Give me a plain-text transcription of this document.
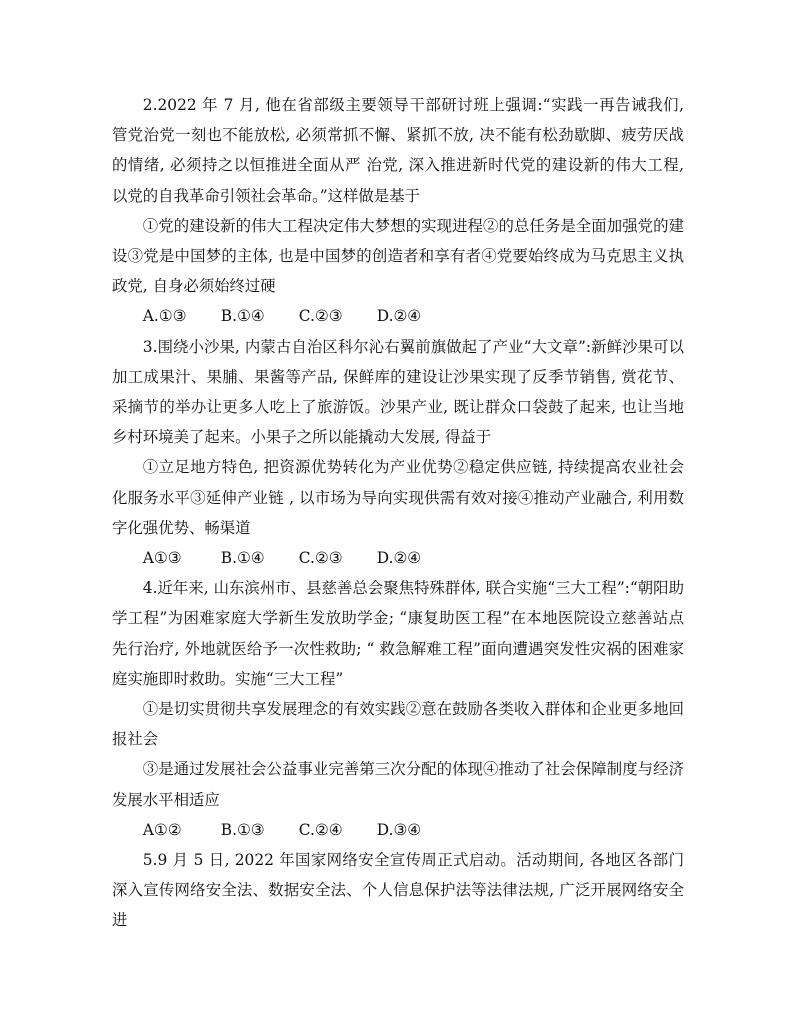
2.2022 年 7 月, 他在省部级主要领导干部研讨班上强调:“实践一再告诫我们, 管党治党一刻也不能放松, 必须常抓不懈、紧抓不放, 决不能有松劲歇脚、疲劳厌战的情绪, 必须持之以恒推进全面从严 治党, 深入推进新时代党的建设新的伟大工程, 以党的自我革命引领社会革命。”这样做是基于

①党的建设新的伟大工程决定伟大梦想的实现进程②的总任务是全面加强党的建设③党是中国梦的主体, 也是中国梦的创造者和享有者④党要始终成为马克思主义执政党, 自身必须始终过硬

A.①③ B.①④ C.②③ D.②④

3.围绕小沙果, 内蒙古自治区科尔沁右翼前旗做起了产业“大文章”:新鲜沙果可以加工成果汁、果脯、果酱等产品, 保鲜库的建设让沙果实现了反季节销售, 赏花节、采摘节的举办让更多人吃上了旅游饭。沙果产业, 既让群众口袋鼓了起来, 也让当地乡村环境美了起来。小果子之所以能撬动大发展, 得益于

①立足地方特色, 把资源优势转化为产业优势②稳定供应链, 持续提高农业社会化服务水平③延伸产业链 , 以市场为导向实现供需有效对接④推动产业融合, 利用数字化强优势、畅渠道

A①③	B.①④ C.②③ D.②④

4.近年来, 山东滨州市、县慈善总会聚焦特殊群体, 联合实施“三大工程”:“朝阳助学工程”为困难家庭大学新生发放助学金; “康复助医工程”在本地医院设立慈善站点先行治疗, 外地就医给予一次性救助; “ 救急解难工程”面向遭遇突发性灾祸的困难家庭实施即时救助。实施“三大工程”

①是切实贯彻共享发展理念的有效实践②意在鼓励各类收入群体和企业更多地回报社会

③是通过发展社会公益事业完善第三次分配的体现④推动了社会保障制度与经济发展水平相适应

A①②	B.①③ C.②④ D.③④

5.9 月 5 日, 2022 年国家网络安全宣传周正式启动。活动期间, 各地区各部门深入宣传网络安全法、数据安全法、个人信息保护法等法律法规, 广泛开展网络安全进
